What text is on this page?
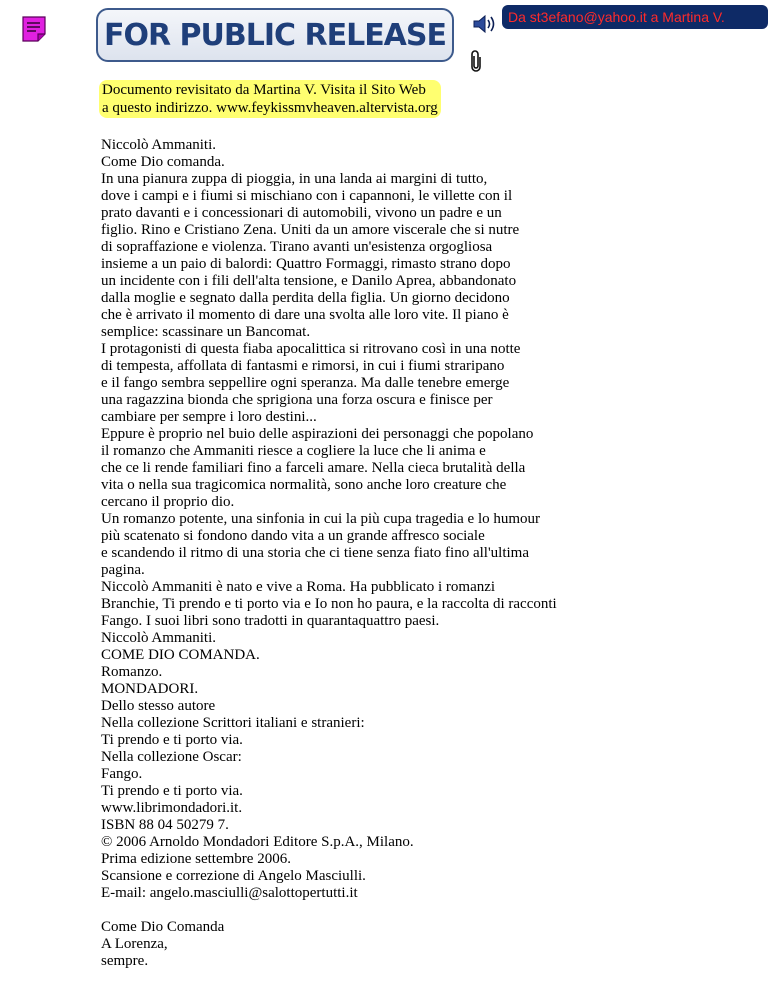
FOR PUBLIC RELEASE
Da st3efano@yahoo.it a Martina V.
Documento revisitato da Martina V. Visita il Sito Web
a questo indirizzo. www.feykissmvheaven.altervista.org
Niccolò Ammaniti.
Come Dio comanda.
In una pianura zuppa di pioggia, in una landa ai margini di tutto,
dove i campi e i fiumi si mischiano con i capannoni, le villette con il
prato davanti e i concessionari di automobili, vivono un padre e un
figlio. Rino e Cristiano Zena. Uniti da un amore viscerale che si nutre
di sopraffazione e violenza. Tirano avanti un'esistenza orgogliosa
insieme a un paio di balordi: Quattro Formaggi, rimasto strano dopo
un incidente con i fili dell'alta tensione, e Danilo Aprea, abbandonato
dalla moglie e segnato dalla perdita della figlia. Un giorno decidono
che è arrivato il momento di dare una svolta alle loro vite. Il piano è
semplice: scassinare un Bancomat.
I protagonisti di questa fiaba apocalittica si ritrovano così in una notte
di tempesta, affollata di fantasmi e rimorsi, in cui i fiumi straripano
e il fango sembra seppellire ogni speranza. Ma dalle tenebre emerge
una ragazzina bionda che sprigiona una forza oscura e finisce per
cambiare per sempre i loro destini...
Eppure è proprio nel buio delle aspirazioni dei personaggi che popolano
il romanzo che Ammaniti riesce a cogliere la luce che li anima e
che ce li rende familiari fino a farceli amare. Nella cieca brutalità della
vita o nella sua tragicomica normalità, sono anche loro creature che
cercano il proprio dio.
Un romanzo potente, una sinfonia in cui la più cupa tragedia e lo humour
più scatenato si fondono dando vita a un grande affresco sociale
e scandendo il ritmo di una storia che ci tiene senza fiato fino all'ultima
pagina.
Niccolò Ammaniti è nato e vive a Roma. Ha pubblicato i romanzi
Branchie, Ti prendo e ti porto via e Io non ho paura, e la raccolta di racconti
Fango. I suoi libri sono tradotti in quarantaquattro paesi.
Niccolò Ammaniti.
COME DIO COMANDA.
Romanzo.
MONDADORI.
Dello stesso autore
Nella collezione Scrittori italiani e stranieri:
Ti prendo e ti porto via.
Nella collezione Oscar:
Fango.
Ti prendo e ti porto via.
www.librimondadori.it.
ISBN 88 04 50279 7.
© 2006 Arnoldo Mondadori Editore S.p.A., Milano.
Prima edizione settembre 2006.
Scansione e correzione di Angelo Masciulli.
E-mail: angelo.masciulli@salottopertutti.it
Come Dio Comanda
A Lorenza,
sempre.
